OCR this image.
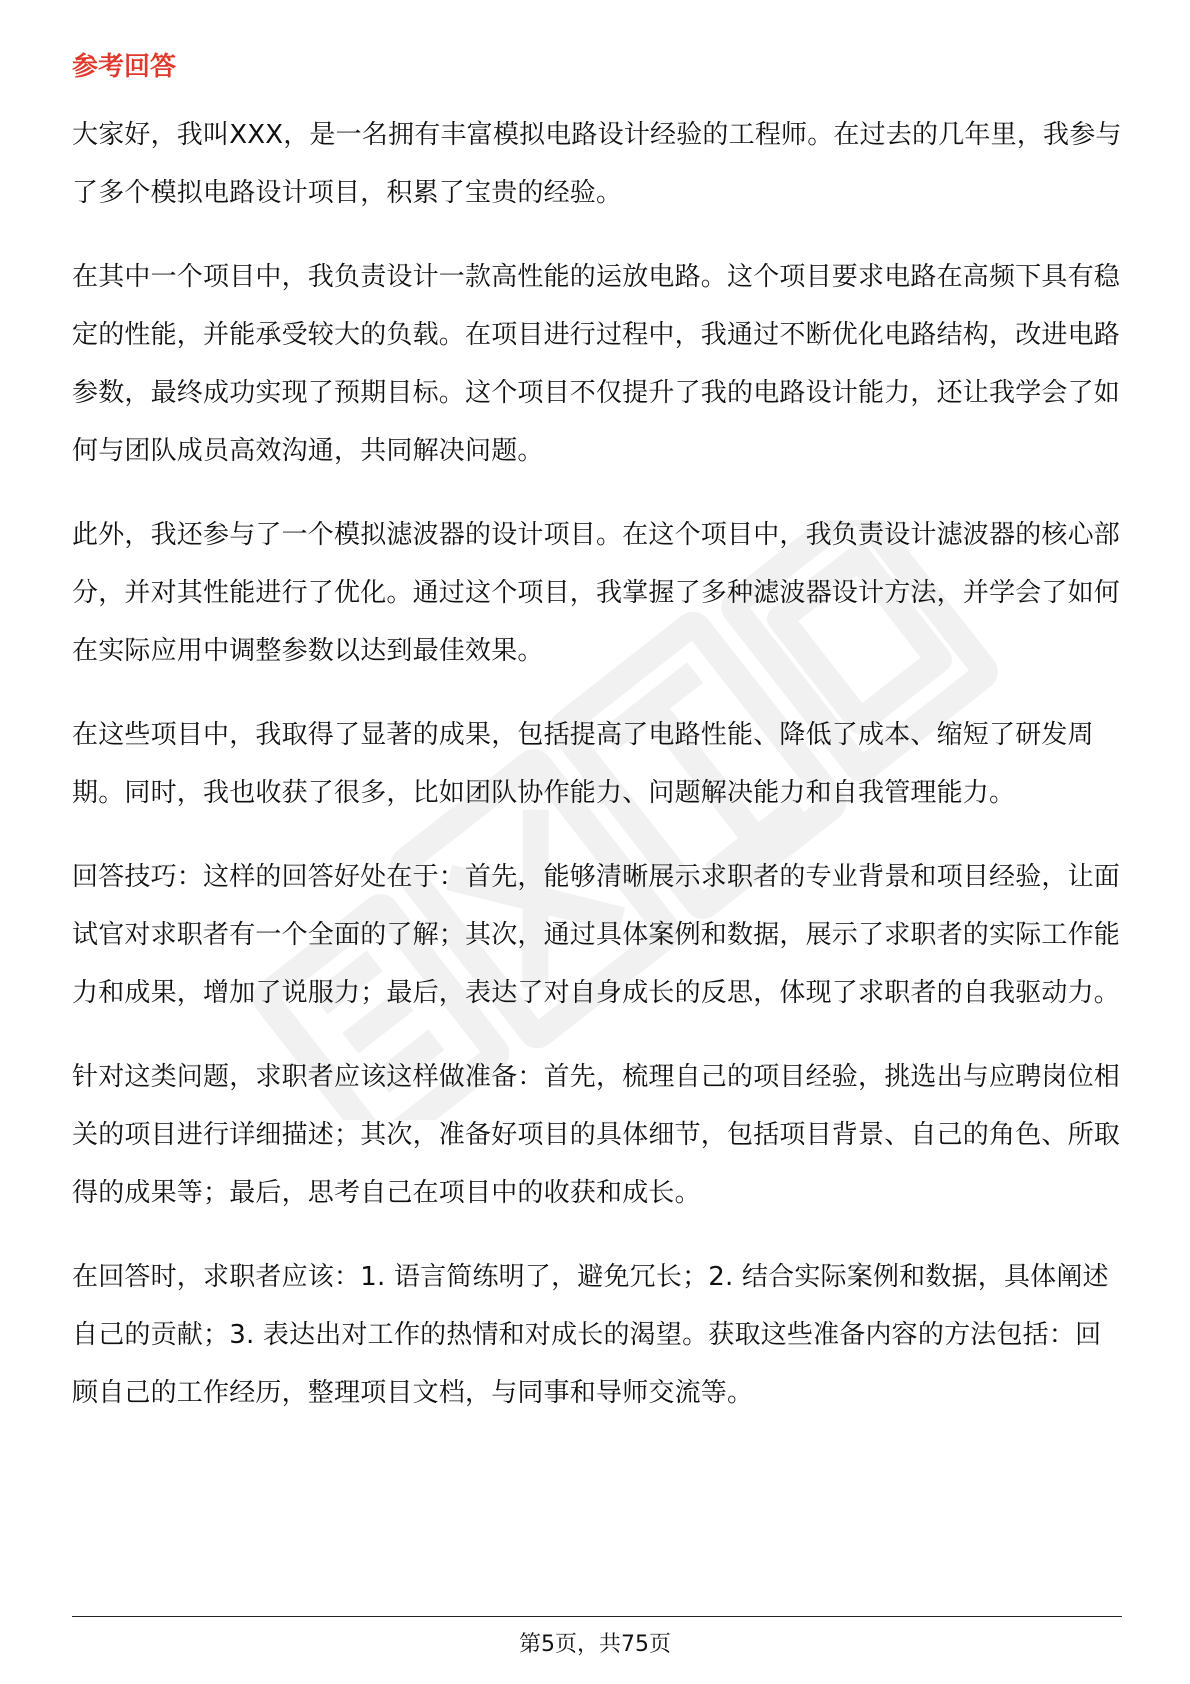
参考回答

大家好，我叫XXX，是一名拥有丰富模拟电路设计经验的工程师。在过去的几年里，我参与了多个模拟电路设计项目，积累了宝贵的经验。

在其中一个项目中，我负责设计一款高性能的运放电路。这个项目要求电路在高频下具有稳定的性能，并能承受较大的负载。在项目进行过程中，我通过不断优化电路结构，改进电路参数，最终成功实现了预期目标。这个项目不仅提升了我的电路设计能力，还让我学会了如何与团队成员高效沟通，共同解决问题。

此外，我还参与了一个模拟滤波器的设计项目。在这个项目中，我负责设计滤波器的核心部分，并对其性能进行了优化。通过这个项目，我掌握了多种滤波器设计方法，并学会了如何在实际应用中调整参数以达到最佳效果。

在这些项目中，我取得了显著的成果，包括提高了电路性能、降低了成本、缩短了研发周期。同时，我也收获了很多，比如团队协作能力、问题解决能力和自我管理能力。

回答技巧：这样的回答好处在于：首先，能够清晰展示求职者的专业背景和项目经验，让面试官对求职者有一个全面的了解；其次，通过具体案例和数据，展示了求职者的实际工作能力和成果，增加了说服力；最后，表达了对自身成长的反思，体现了求职者的自我驱动力。

针对这类问题，求职者应该这样做准备：首先，梳理自己的项目经验，挑选出与应聘岗位相关的项目进行详细描述；其次，准备好项目的具体细节，包括项目背景、自己的角色、所取得的成果等；最后，思考自己在项目中的收获和成长。

在回答时，求职者应该：1. 语言简练明了，避免冗长；2. 结合实际案例和数据，具体阐述自己的贡献；3. 表达出对工作的热情和对成长的渴望。获取这些准备内容的方法包括：回顾自己的工作经历，整理项目文档，与同事和导师交流等。

第5页，共75页
